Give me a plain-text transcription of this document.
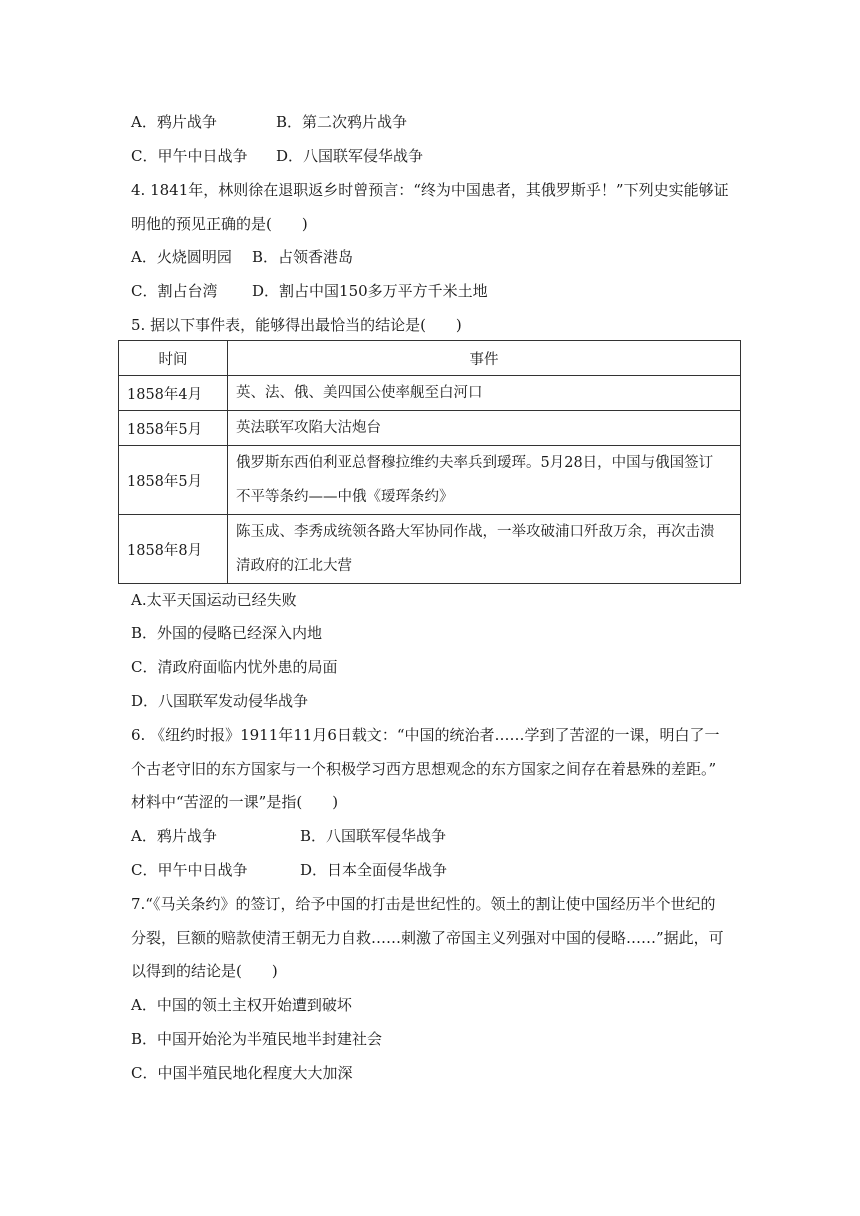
A．鸦片战争	B．第二次鸦片战争
C．甲午中日战争 D．八国联军侵华战争
4. 1841年，林则徐在退职返乡时曾预言：“终为中国患者，其俄罗斯乎！”下列史实能够证
明他的预见正确的是(　　)
A．火烧圆明园 B．占领香港岛
C．割占台湾 D．割占中国150多万平方千米土地
5. 据以下事件表，能够得出最恰当的结论是(　　)
时间	事件
1858年4月	英、法、俄、美四国公使率舰至白河口
1858年5月	英法联军攻陷大沽炮台
1858年5月	俄罗斯东西伯利亚总督穆拉维约夫率兵到瑷珲。5月28日，中国与俄国签订
不平等条约——中俄《瑷珲条约》

1858年8月	陈玉成、李秀成统领各路大军协同作战，一举攻破浦口歼敌万余，再次击溃
清政府的江北大营
A.太平天国运动已经失败
B．外国的侵略已经深入内地
C．清政府面临内忧外患的局面
D．八国联军发动侵华战争
6. 《纽约时报》1911年11月6日载文：“中国的统治者……学到了苦涩的一课，明白了一
个古老守旧的东方国家与一个积极学习西方思想观念的东方国家之间存在着悬殊的差距。”
材料中“苦涩的一课”是指(　　)
A．鸦片战争	B．八国联军侵华战争
C．甲午中日战争	D．日本全面侵华战争
7.“《马关条约》的签订，给予中国的打击是世纪性的。领土的割让使中国经历半个世纪的
分裂，巨额的赔款使清王朝无力自救……刺激了帝国主义列强对中国的侵略……”据此，可
以得到的结论是(　　)
A．中国的领土主权开始遭到破坏
B．中国开始沦为半殖民地半封建社会
C．中国半殖民地化程度大大加深
